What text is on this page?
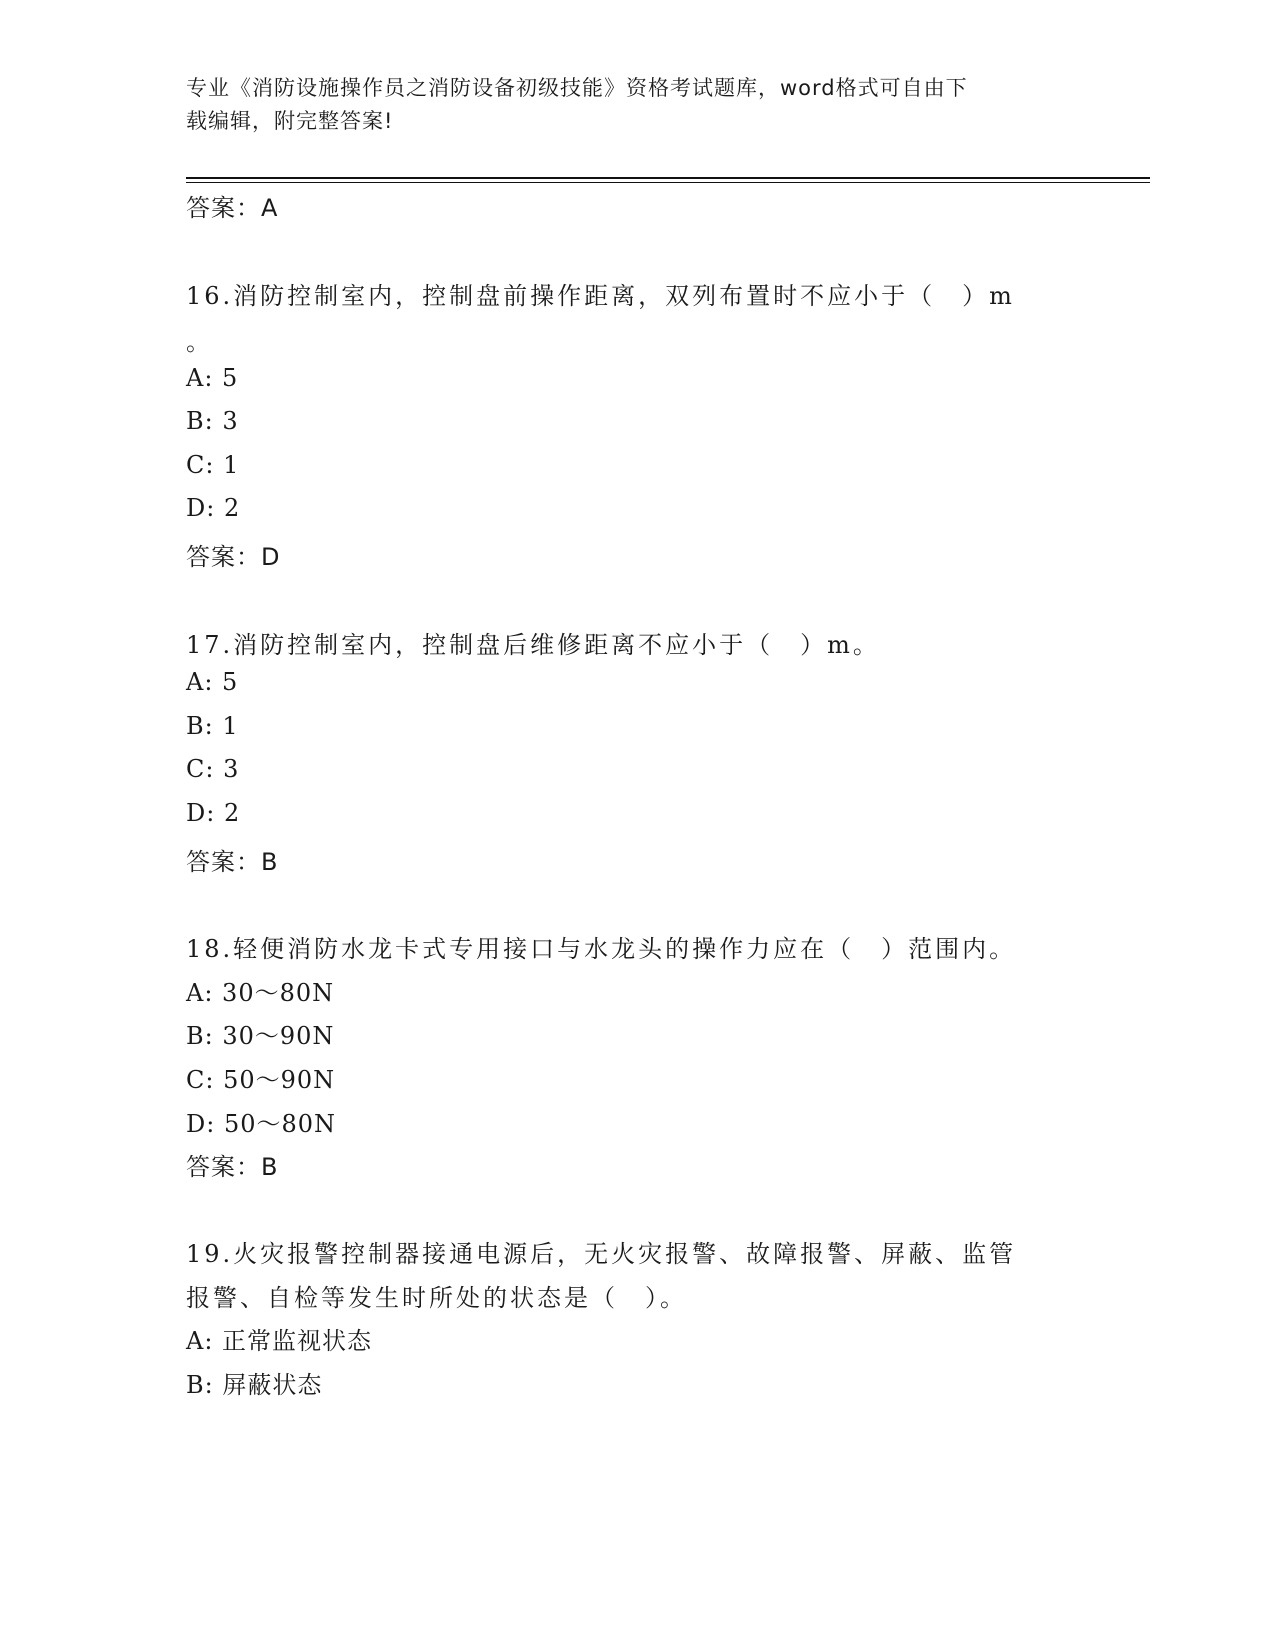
专业《消防设施操作员之消防设备初级技能》资格考试题库，word格式可自由下
载编辑，附完整答案!
答案：A
16.消防控制室内，控制盘前操作距离，双列布置时不应小于（　）m
。
A: 5
B: 3
C: 1
D: 2
答案：D
17.消防控制室内，控制盘后维修距离不应小于（　）m。
A: 5
B: 1
C: 3
D: 2
答案：B
18.轻便消防水龙卡式专用接口与水龙头的操作力应在（　）范围内。
A: 30～80N
B: 30～90N
C: 50～90N
D: 50～80N
答案：B
19.火灾报警控制器接通电源后，无火灾报警、故障报警、屏蔽、监管
报警、自检等发生时所处的状态是（　）。
A: 正常监视状态
B: 屏蔽状态
